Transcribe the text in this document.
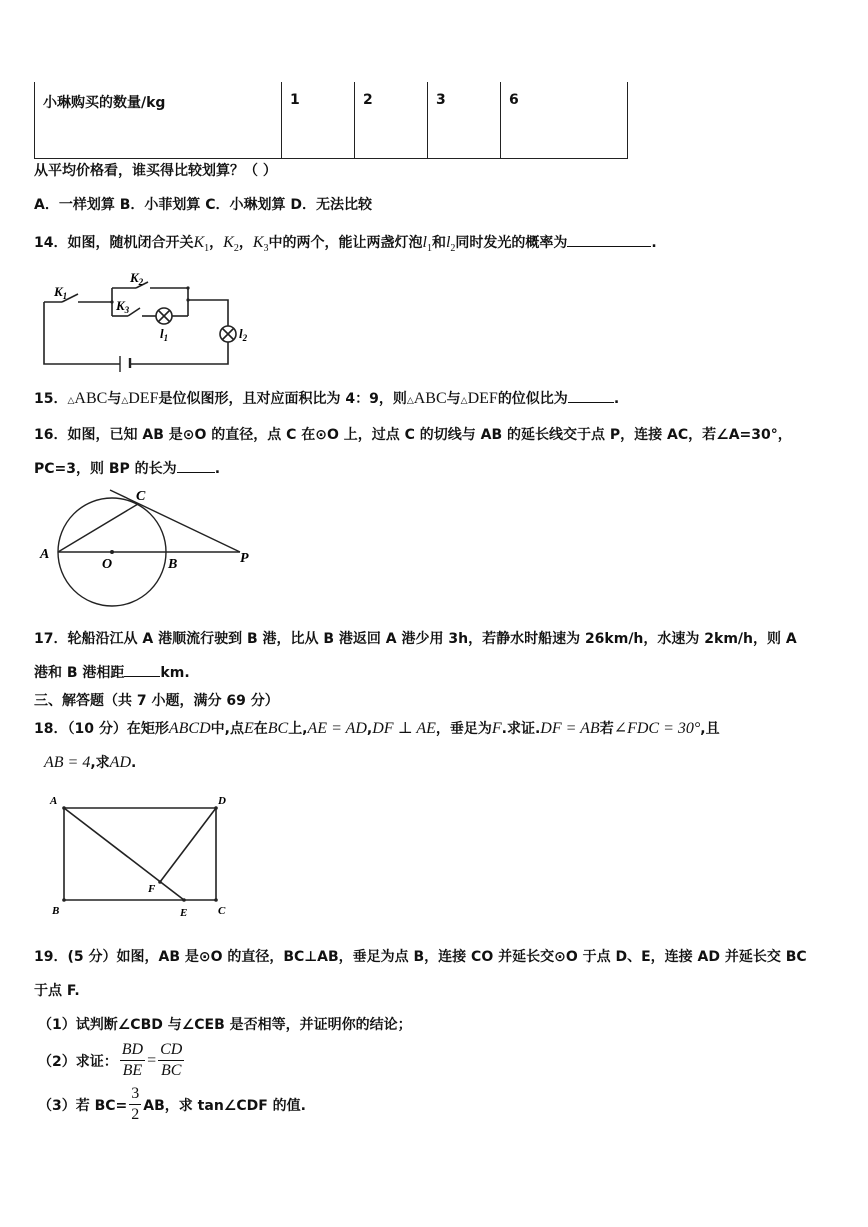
小琳购买的数量/kg	1	2	3	6
从平均价格看，谁买得比较划算？（ ）
A．一样划算 B．小菲划算 C．小琳划算 D．无法比较
14．如图，随机闭合开关$K_1$，$K_2$，$K_3$中的两个，能让两盏灯泡$l_1$和$l_2$同时发光的概率为	.
$K_1$
$K_2$
$K_3$
$l_1$	$l_2$
15．△ABC与△DEF是位似图形，且对应面积比为 4：9，则△ABC与△DEF的位似比为	.
16．如图，已知 AB 是⊙O 的直径，点 C 在⊙O 上，过点 C 的切线与 AB 的延长线交于点 P，连接 AC，若∠A=30°，
PC=3，则 BP 的长为	.
A
O	B
C
P
17．轮船沿江从 A 港顺流行驶到 B 港，比从 B 港返回 A 港少用 3h，若静水时船速为 26km/h，水速为 2km/h，则 A
港和 B 港相距	km.
三、解答题（共 7 小题，满分 69 分）
18．（10 分）在矩形ABCD中,点E在BC上,AE = AD,DF ⊥ AE，垂足为F.求证.DF = AB若∠FDC = 30°,且
AB = 4,求AD.
A	D
B	E	C
F
19．(5 分）如图，AB 是⊙O 的直径，BC⊥AB，垂足为点 B，连接 CO 并延长交⊙O 于点 D、E，连接 AD 并延长交 BC
于点 F.
（1）试判断∠CBD 与∠CEB 是否相等，并证明你的结论；
（2）求证： $\frac{BD}{BE} = \frac{CD}{BC}$
（3）若 $BC= \frac{3}{2}$ AB，求 tan∠CDF 的值.
